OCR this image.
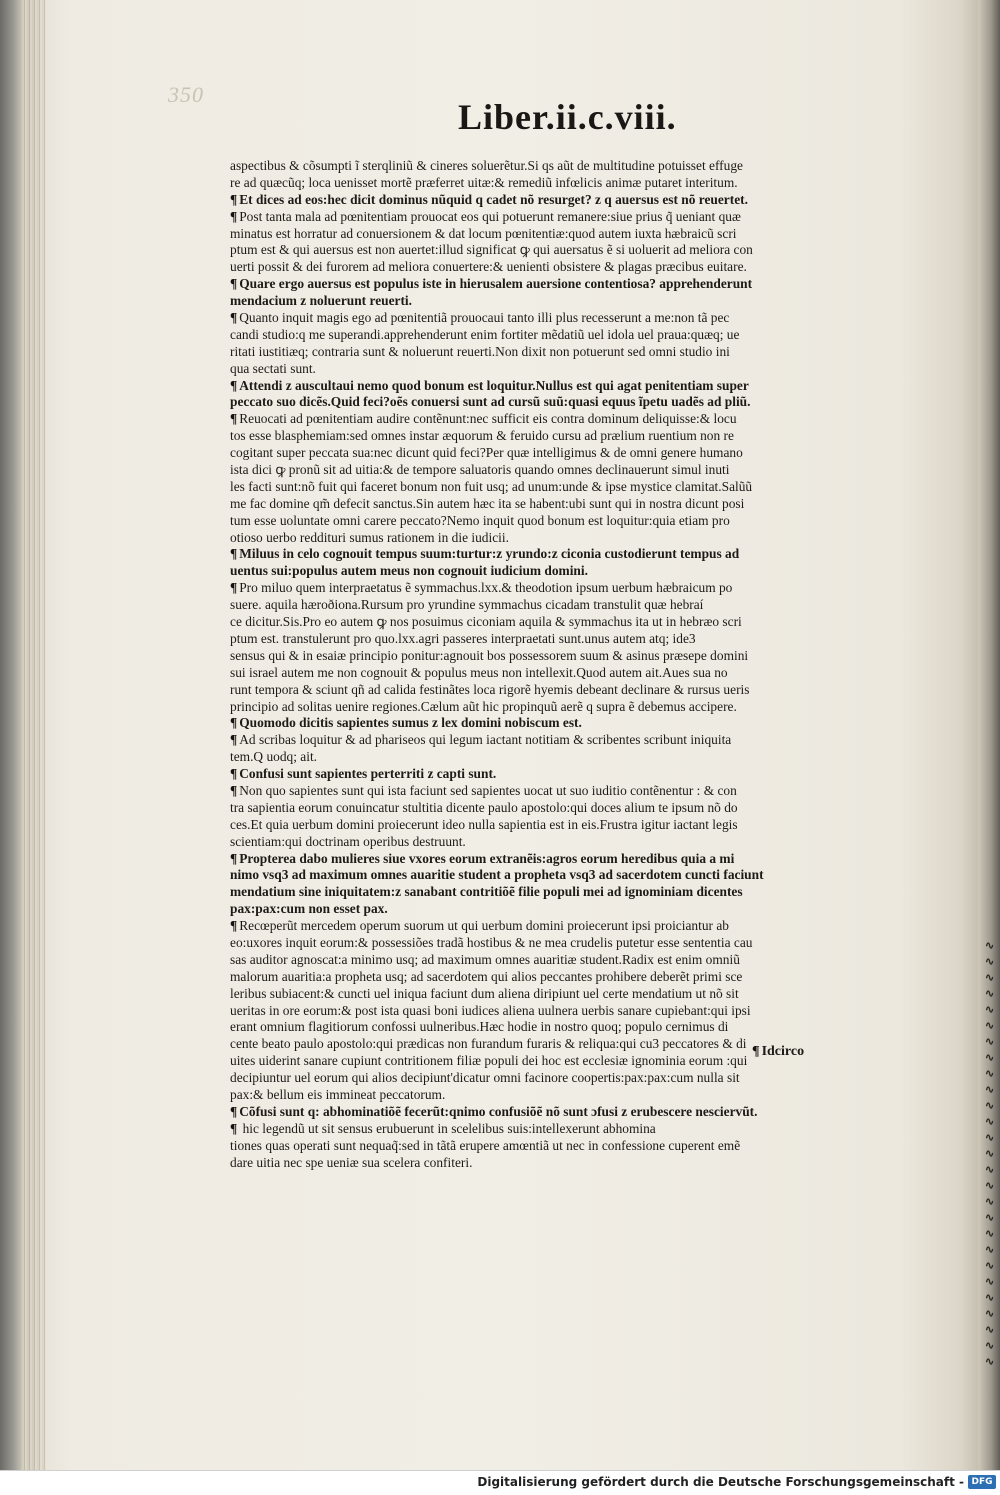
350
Liber.ii.c.viii.
aspectibus & cõsumpti ĩ sterqliniũ & cineres soluerẽtur.Si qs aũt de multitudine potuisset effuge
re ad quæcũq; loca uenisset mortẽ præferret uitæ:& remediũ infœlicis animæ putaret interitum.
¶ Et dices ad eos:hec dicit dominus nũquid q cadet nõ resurget? z q auersus est nõ reuertet.
¶ Post tanta mala ad pœnitentiam prouocat eos qui potuerunt remanere:siue prius q̃ ueniant quæ
minatus est horratur ad conuersionem & dat locum pœnitentiæ:quod autem iuxta hæbraicũ scri
ptum est & qui auersus est non auertet:illud significat ꝙ qui auersatus ẽ si uoluerit ad meliora con
uerti possit & dei furorem ad meliora conuertere:& uenienti obsistere & plagas præcibus euitare.
¶ Quare ergo auersus est populus iste in hierusalem auersione contentiosa? apprehenderunt
mendacium z noluerunt reuerti.
¶ Quanto inquit magis ego ad pœnitentiã prouocaui tanto illi plus recesserunt a me:non tã pec
candi studio:q me superandi.apprehenderunt enim fortiter mẽdatiũ uel idola uel praua:quæq; ue
ritati iustitiæq; contraria sunt & noluerunt reuerti.Non dixit non potuerunt sed omni studio ini
qua sectati sunt.
¶ Attendi z auscultaui nemo quod bonum est loquitur.Nullus est qui agat penitentiam super
peccato suo dicẽs.Quid feci?oẽs conuersi sunt ad cursũ suũ:quasi equus ĩpetu uadẽs ad pliũ.
¶ Reuocati ad pœnitentiam audire contẽnunt:nec sufficit eis contra dominum deliquisse:& locu
tos esse blasphemiam:sed omnes instar æquorum & feruido cursu ad prælium ruentium non re
cogitant super peccata sua:nec dicunt quid feci?Per quæ intelligimus & de omni genere humano
ista dici ꝙ pronũ sit ad uitia:& de tempore saluatoris quando omnes declinauerunt simul inuti
les facti sunt:nõ fuit qui faceret bonum non fuit usq; ad unum:unde & ipse mystice clamitat.Salũũ
me fac domine qm̃ defecit sanctus.Sin autem hæc ita se habent:ubi sunt qui in nostra dicunt posi
tum esse uoluntate omni carere peccato?Nemo inquit quod bonum est loquitur:quia etiam pro
otioso uerbo reddituri sumus rationem in die iudicii.
¶ Miluus in celo cognouit tempus suum:turtur:z yrundo:z ciconia custodierunt tempus ad
uentus sui:populus autem meus non cognouit iudicium domini.
¶ Pro miluo quem interpraetatus ẽ symmachus.lxx.& theodotion ipsum uerbum hæbraicum po
suere. aquila hæroðiona.Rursum pro yrundine symmachus cicadam transtulit quæ hebraí
ce dicitur.Sis.Pro eo autem ꝙ nos posuimus ciconiam aquila & symmachus ita ut in hebræo scri
ptum est. transtulerunt pro quo.lxx.agri passeres interpraetati sunt.unus autem atq; ide3
sensus qui & in esaiæ principio ponitur:agnouit bos possessorem suum & asinus præsepe domini
sui israel autem me non cognouit & populus meus non intellexit.Quod autem ait.Aues sua no
runt tempora & sciunt qñ ad calida festinãtes loca rigorẽ hyemis debeant declinare & rursus ueris
principio ad solitas uenire regiones.Cælum aũt hic propinquũ aerẽ q supra ẽ debemus accipere.
¶ Quomodo dicitis sapientes sumus z lex domini nobiscum est.
¶ Ad scribas loquitur & ad phariseos qui legum iactant notitiam & scribentes scribunt iniquita
tem.Q uodq; ait.
¶ Confusi sunt sapientes perterriti z capti sunt.
¶ Non quo sapientes sunt qui ista faciunt sed sapientes uocat ut suo iuditio contẽnentur : & con
tra sapientia eorum conuincatur stultitia dicente paulo apostolo:qui doces alium te ipsum nõ do
ces.Et quia uerbum domini proiecerunt ideo nulla sapientia est in eis.Frustra igitur iactant legis
scientiam:qui doctrinam operibus destruunt.
¶ Propterea dabo mulieres siue vxores eorum extranẽis:agros eorum heredibus quia a mi
nimo vsq3 ad maximum omnes auaritie student a propheta vsq3 ad sacerdotem cuncti faciunt
mendatium sine iniquitatem:z sanabant contritiõẽ filie populi mei ad ignominiam dicentes
pax:pax:cum non esset pax.
¶ Recœperũt mercedem operum suorum ut qui uerbum domini proiecerunt ipsi proiciantur ab
eo:uxores inquit eorum:& possessiões tradã hostibus & ne mea crudelis putetur esse sententia cau
sas auditor agnoscat:a minimo usq; ad maximum omnes auaritiæ student.Radix est enim omniũ
malorum auaritia:a propheta usq; ad sacerdotem qui alios peccantes prohibere deberẽt primi sce
leribus subiacent:& cuncti uel iniqua faciunt dum aliena diripiunt uel certe mendatium ut nõ sit
ueritas in ore eorum:& post ista quasi boni iudices aliena uulnera uerbis sanare cupiebant:qui ipsi
erant omnium flagitiorum confossi uulneribus.Hæc hodie in nostro quoq; populo cernimus di
cente beato paulo apostolo:qui prædicas non furandum furaris & reliqua:qui cu3 peccatores & di
uites uiderint sanare cupiunt contritionem filiæ populi dei hoc est ecclesiæ ignominia eorum :qui
decipiuntur uel eorum qui alios decipiunt'dicatur omni facinore coopertis:pax:pax:cum nulla sit
pax:& bellum eis immineat peccatorum.
¶ Cõfusi sunt q: abhominatiõẽ fecerũt:qnimo confusiõẽ nõ sunt ɔfusi z erubescere nesciervũt.
¶ hic legendũ ut sit sensus erubuerunt in scelelibus suis:intellexerunt abhomina
tiones quas operati sunt nequaq̃:sed in tãtã erupere amœntiã ut nec in confessione cuperent emẽ
dare uitia nec spe ueniæ sua scelera confiteri.
¶ Idcirco
∿
∿
∿
∿
∿
∿
∿
∿
∿
∿
∿
∿
∿
∿
∿
∿
∿
∿
∿
∿
∿
∿
∿
∿
∿
∿
∿
Digitalisierung gefördert durch die Deutsche Forschungsgemeinschaft - DFG
